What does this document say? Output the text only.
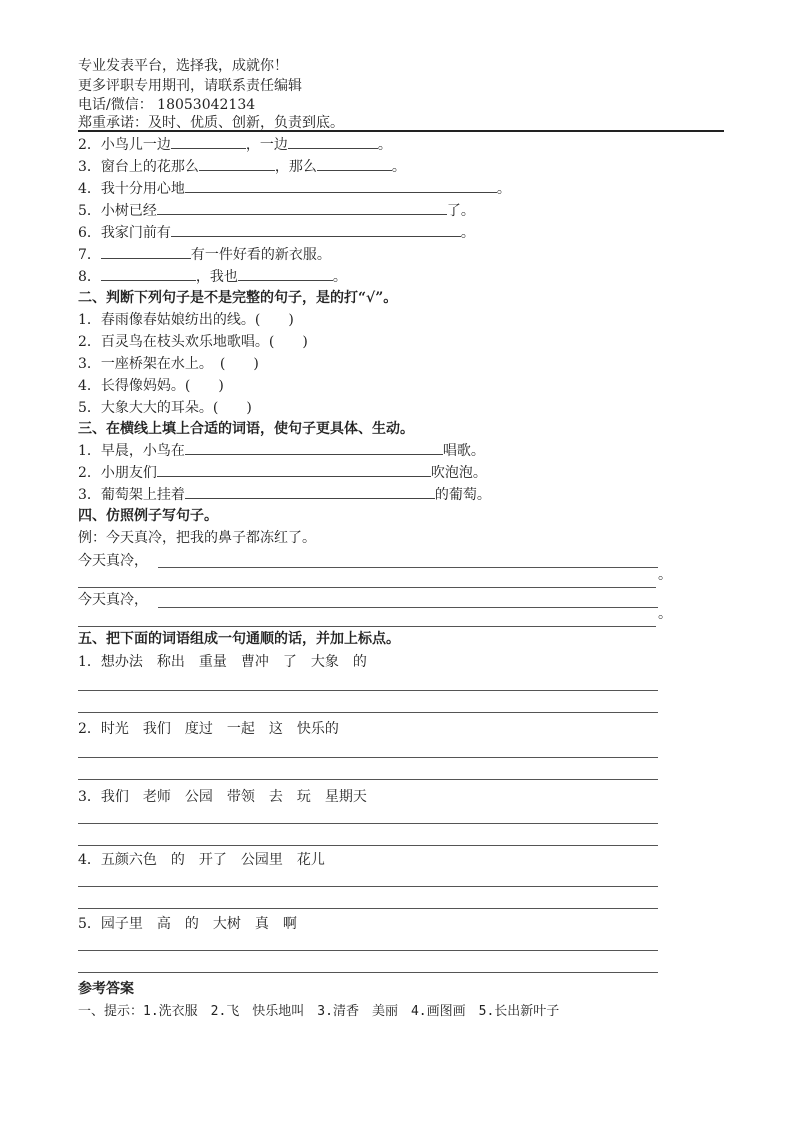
专业发表平台，选择我，成就你！
更多评职专用期刊，请联系责任编辑
电话/微信： 18053042134
郑重承诺：及时、优质、创新，负责到底。
2．小鸟儿一边	，一边	。
3．窗台上的花那么	，那么	。
4．我十分用心地	。
5．小树已经	了。
6．我家门前有	。
7．	有一件好看的新衣服。
8．	，我也	。
二、判断下列句子是不是完整的句子，是的打“√”。
1．春雨像春姑娘纺出的线。(　　)
2．百灵鸟在枝头欢乐地歌唱。(　　)
3．一座桥架在水上。　(　　)
4．长得像妈妈。(　　)
5．大象大大的耳朵。(　　)
三、在横线上填上合适的词语，使句子更具体、生动。
1．早晨，小鸟在	唱歌。
2．小朋友们	吹泡泡。
3．葡萄架上挂着	的葡萄。
四、仿照例子写句子。
例：今天真冷，把我的鼻子都冻红了。
今天真冷，
。
今天真冷，
。
五、把下面的词语组成一句通顺的话，并加上标点。
1．想办法　称出　重量　曹冲　了　大象　的
2．时光　我们　度过　一起　这　快乐的
3．我们　老师　公园　带领　去　玩　星期天
4．五颜六色　的　开了　公园里　花儿
5．园子里　高　的　大树　真　啊
参考答案
一、提示：1.洗衣服　2.飞　快乐地叫　3.清香　美丽　4.画图画　5.长出新叶子
